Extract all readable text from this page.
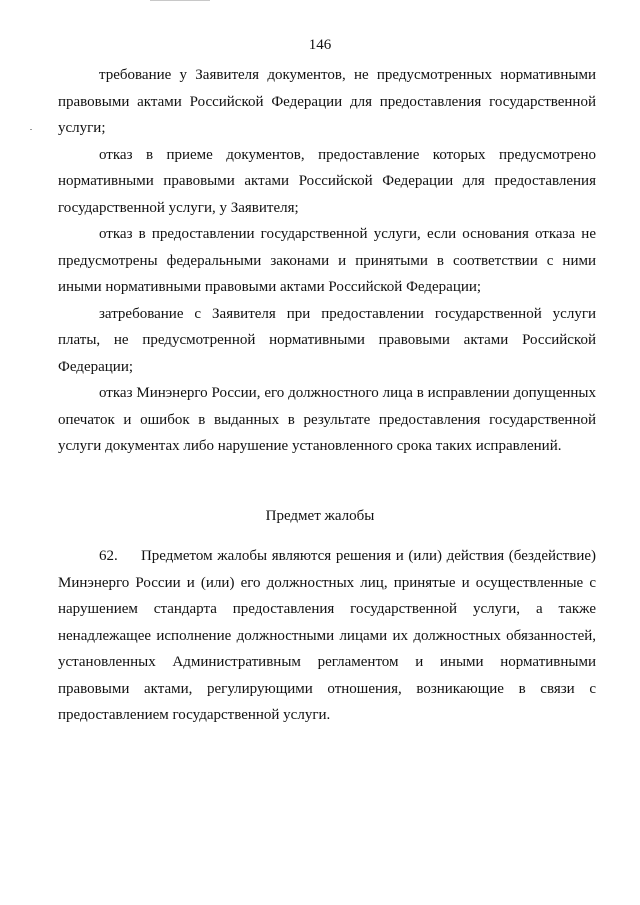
146

требование у Заявителя документов, не предусмотренных нормативными правовыми актами Российской Федерации для предоставления государственной услуги;

отказ в приеме документов, предоставление которых предусмотрено нормативными правовыми актами Российской Федерации для предоставления государственной услуги, у Заявителя;

отказ в предоставлении государственной услуги, если основания отказа не предусмотрены федеральными законами и принятыми в соответствии с ними иными нормативными правовыми актами Российской Федерации;

затребование с Заявителя при предоставлении государственной услуги платы, не предусмотренной нормативными правовыми актами Российской Федерации;

отказ Минэнерго России, его должностного лица в исправлении допущенных опечаток и ошибок в выданных в результате предоставления государственной услуги документах либо нарушение установленного срока таких исправлений.

Предмет жалобы

62.     Предметом жалобы являются решения и (или) действия (бездействие) Минэнерго России и (или) его должностных лиц, принятые и осуществленные с нарушением стандарта предоставления государственной услуги, а также ненадлежащее исполнение должностными лицами их должностных обязанностей, установленных Административным регламентом и иными нормативными правовыми актами, регулирующими отношения, возникающие в связи с предоставлением государственной услуги.
